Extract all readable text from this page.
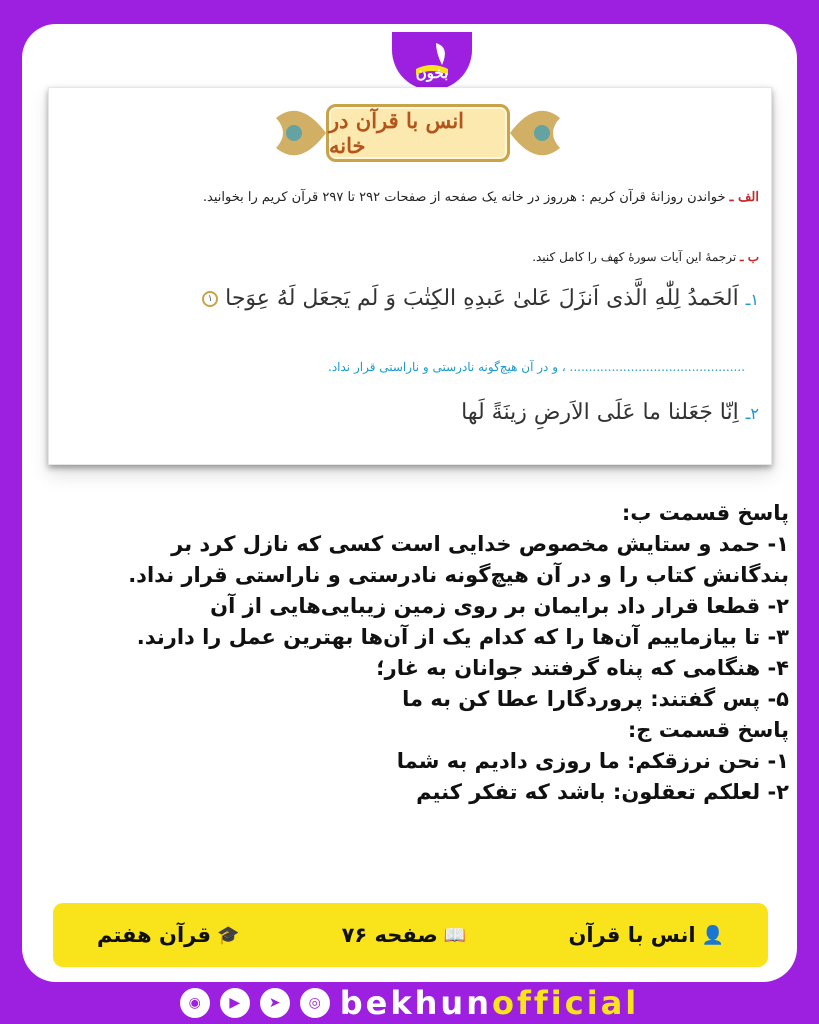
بخون
انس با قرآن در خانه
الف ـ خواندن روزانهٔ قرآن کریم : هرروز در خانه یک صفحه از صفحات ۲۹۲ تا ۲۹۷ قرآن کریم را بخوانید.
ب ـ ترجمهٔ این آیات سورهٔ کهف را کامل کنید.
١ـ اَلحَمدُ لِلّٰهِ الَّذی اَنزَلَ عَلیٰ عَبدِهِ الکِتٰبَ وَ لَم یَجعَل لَهُ عِوَجا ١
.............................................. ، و در آن هیچ‌گونه نادرستی و ناراستی قرار نداد.
٢ـ اِنّا جَعَلنا ما عَلَی الاَرضِ زینَةً لَها
پاسخ قسمت ب:
۱- حمد و ستایش مخصوص خدایی است کسی که نازل کرد بر
بندگانش کتاب را و در آن هیچ‌گونه نادرستی و ناراستی قرار نداد.
۲- قطعا قرار داد برایمان بر روی زمین زیبایی‌هایی از آن
۳- تا بیازماییم آن‌ها را که کدام یک از آن‌ها بهترین عمل را دارند.
۴- هنگامی که پناه گرفتند جوانان به غار؛
۵- پس گفتند: پروردگارا عطا کن به ما
پاسخ قسمت ج:
۱- نحن نرزقکم: ما روزی دادیم به شما
۲- لعلکم تعقلون: باشد که تفکر کنیم
👤
انس با قرآن
📖
صفحه ۷۶
🎓
قرآن هفتم
◉	▶	➤	◎ bekhunofficial
